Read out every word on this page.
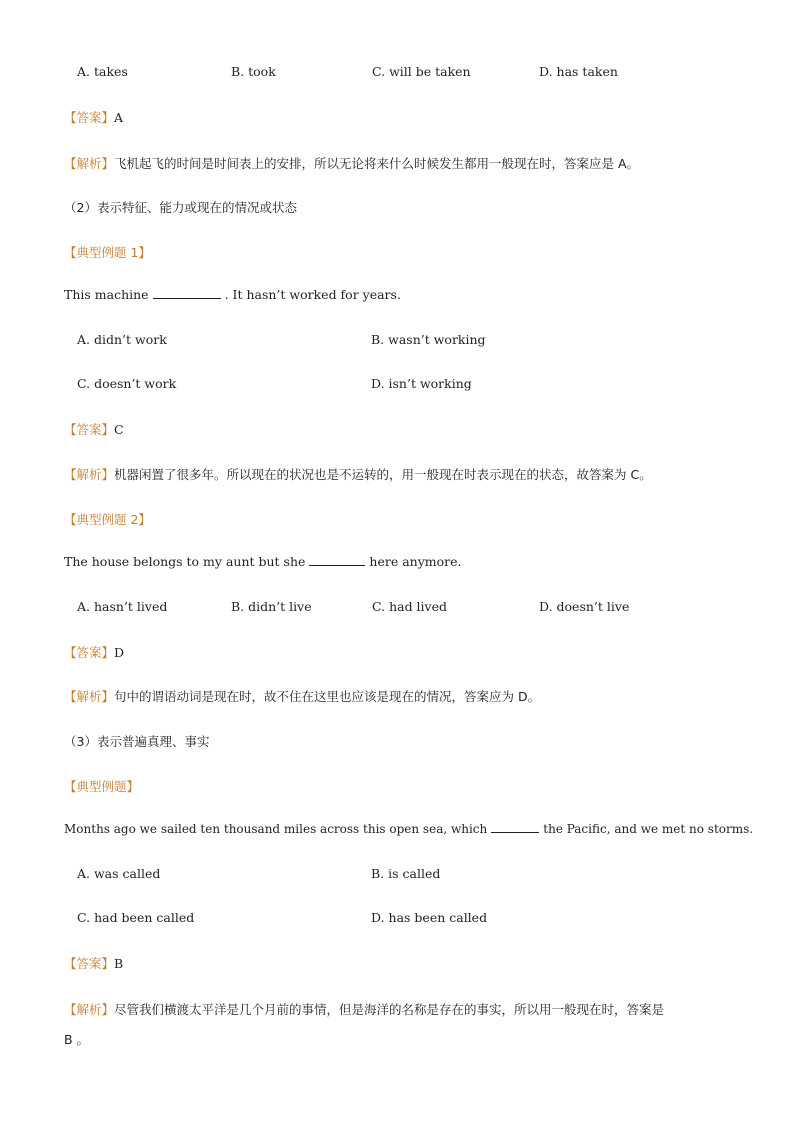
A. takes	B. took	C. will be taken	D. has taken
【答案】A
【解析】飞机起飞的时间是时间表上的安排，所以无论将来什么时候发生都用一般现在时，答案应是 A。
（2）表示特征、能力或现在的情况或状态
【典型例题 1】
This machine	. It hasn’t worked for years.
A. didn’t work	B. wasn’t working
C. doesn’t work	D. isn’t working
【答案】C
【解析】机器闲置了很多年。所以现在的状况也是不运转的，用一般现在时表示现在的状态，故答案为 C。
【典型例题 2】
The house belongs to my aunt but she	here anymore.
A. hasn’t lived	B. didn’t live	C. had lived	D. doesn’t live
【答案】D
【解析】句中的谓语动词是现在时，故不住在这里也应该是现在的情况，答案应为 D。
（3）表示普遍真理、事实
【典型例题】
Months ago we sailed ten thousand miles across this open sea, which	the Pacific, and we met no storms.
A. was called	B. is called
C. had been called	D. has been called
【答案】B
【解析】尽管我们横渡太平洋是几个月前的事情，但是海洋的名称是存在的事实，所以用一般现在时，答案是
B 。
